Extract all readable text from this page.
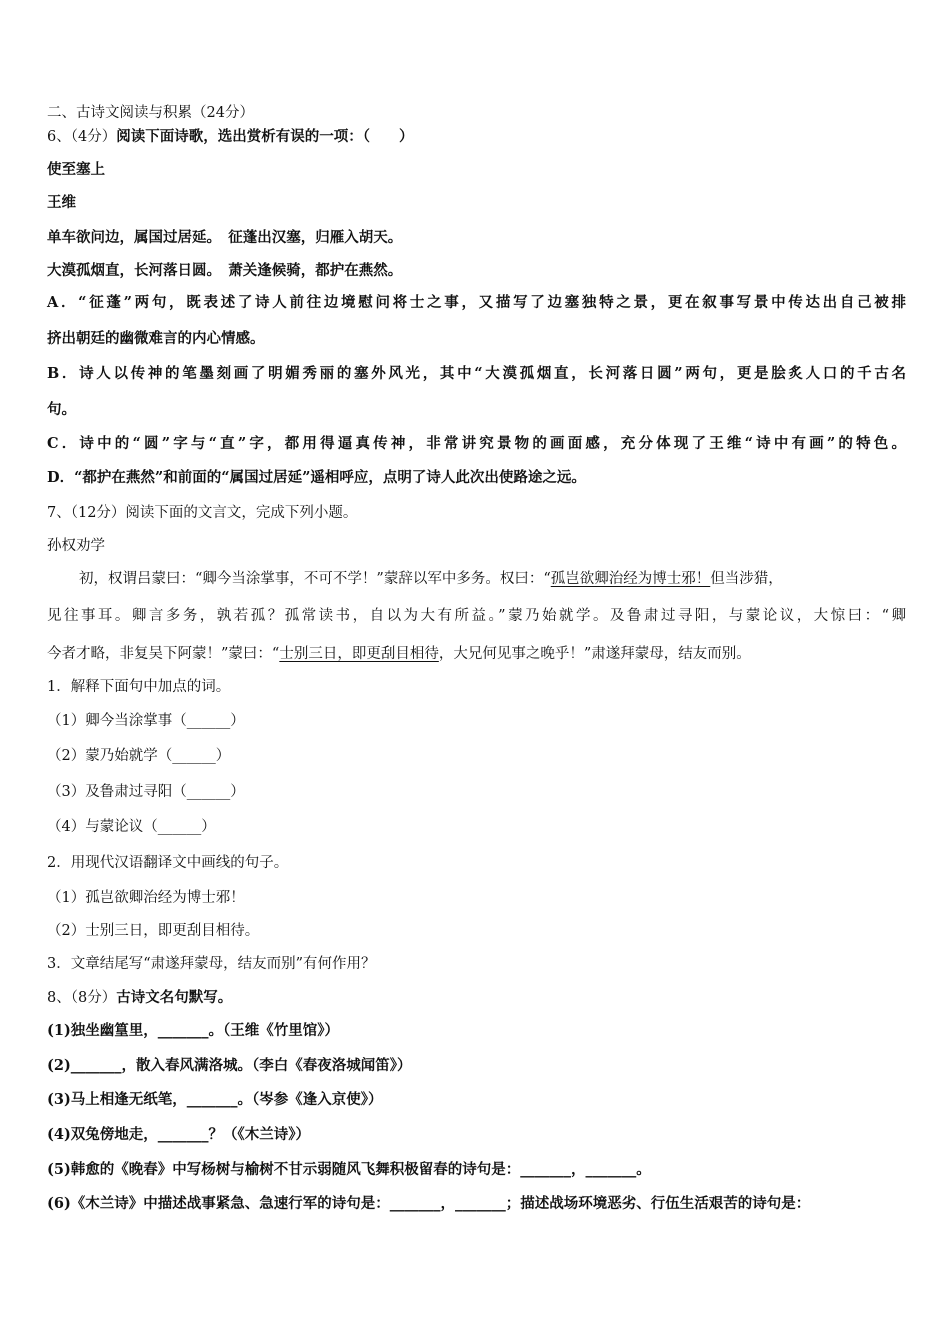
二、古诗文阅读与积累（24分）
6、（4分）阅读下面诗歌，选出赏析有误的一项：（　　）
使至塞上
王维
单车欲问边，属国过居延。　征蓬出汉塞，归雁入胡天。
大漠孤烟直，长河落日圆。　萧关逢候骑，都护在燕然。
A．“征蓬”两句，既表述了诗人前往边境慰问将士之事，又描写了边塞独特之景，更在叙事写景中传达出自己被排
挤出朝廷的幽微难言的内心情感。
B．诗人以传神的笔墨刻画了明媚秀丽的塞外风光，其中“大漠孤烟直，长河落日圆”两句，更是脍炙人口的千古名
句。
C．诗中的“圆”字与“直”字，都用得逼真传神，非常讲究景物的画面感，充分体现了王维“诗中有画”的特色。
D．“都护在燕然”和前面的“属国过居延”遥相呼应，点明了诗人此次出使路途之远。
7、（12分）阅读下面的文言文，完成下列小题。
孙权劝学
初，权谓吕蒙曰：“卿今当涂掌事，不可不学！”蒙辞以军中多务。权曰：“孤岂欲卿治经为博士邪！但当涉猎，
见往事耳。卿言多务，孰若孤？孤常读书，自以为大有所益。”蒙乃始就学。及鲁肃过寻阳，与蒙论议，大惊曰：“卿
今者才略，非复吴下阿蒙！”蒙曰：“士别三日，即更刮目相待，大兄何见事之晚乎！”肃遂拜蒙母，结友而别。
1．解释下面句中加点的词。
（1）卿今当涂掌事（______）
（2）蒙乃始就学（______）
（3）及鲁肃过寻阳（______）
（4）与蒙论议（______）
2．用现代汉语翻译文中画线的句子。
（1）孤岂欲卿治经为博士邪！
（2）士别三日，即更刮目相待。
3．文章结尾写“肃遂拜蒙母，结友而别”有何作用？
8、（8分）古诗文名句默写。
(1)独坐幽篁里，_______。（王维《竹里馆》）
(2)_______，散入春风满洛城。（李白《春夜洛城闻笛》）
(3)马上相逢无纸笔，_______。（岑参《逢入京使》）
(4)双兔傍地走，_______？（《木兰诗》）
(5)韩愈的《晚春》中写杨树与榆树不甘示弱随风飞舞积极留春的诗句是：_______，_______。
(6)《木兰诗》中描述战事紧急、急速行军的诗句是：_______，_______；描述战场环境恶劣、行伍生活艰苦的诗句是：
